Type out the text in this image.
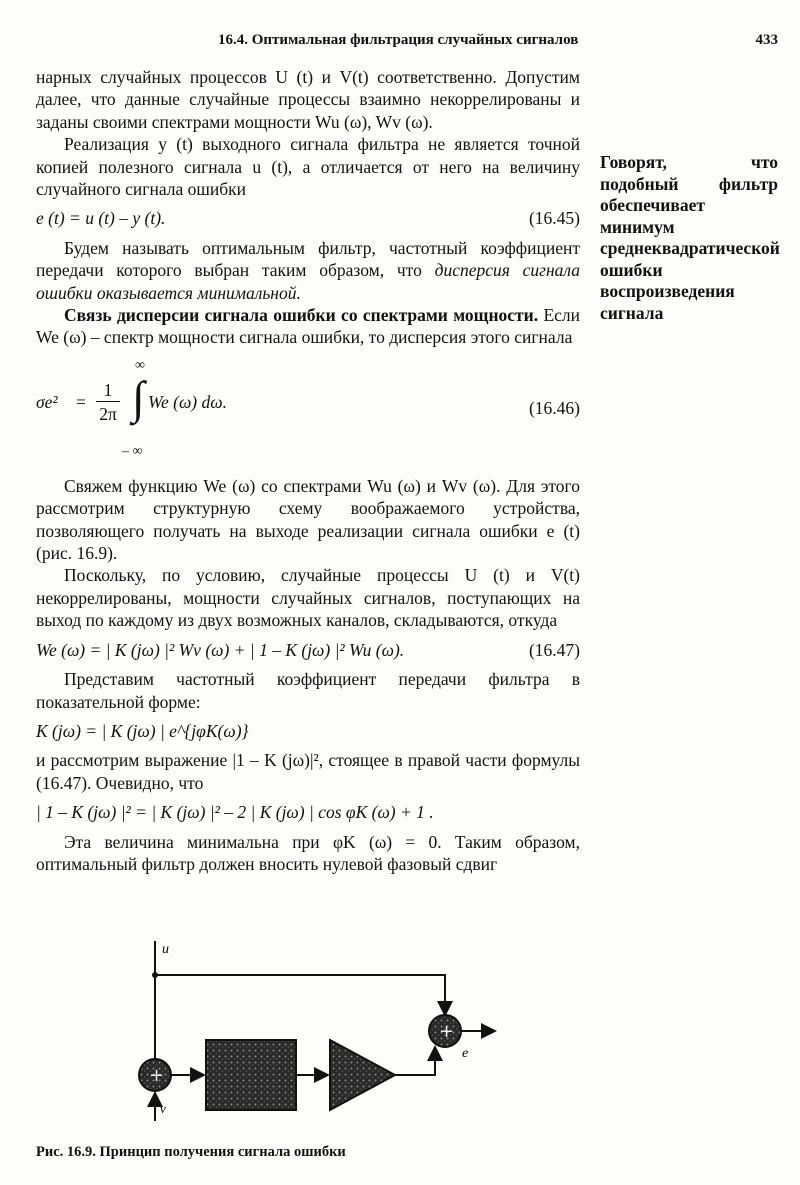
16.4. Оптимальная фильтрация случайных сигналов	433

нарных случайных процессов U (t) и V(t) соответственно. Допустим далее, что данные случайные процессы взаимно некоррелированы и заданы своими спектрами мощности Wu (ω), Wv (ω).

Реализация y (t) выходного сигнала фильтра не является точной копией полезного сигнала u (t), а отличается от него на величину случайного сигнала ошибки

e (t) = u (t) – y (t).	(16.45)

Будем называть оптимальным фильтр, частотный коэффициент передачи которого выбран таким образом, что дисперсия сигнала ошибки оказывается минимальной.

Связь дисперсии сигнала ошибки со спектрами мощности. Если We (ω) – спектр мощности сигнала ошибки, то дисперсия этого сигнала

$\sigma e^2 = \frac{1}{2\pi}$
∞
∫
– ∞
We (ω) dω.	(16.46)

Свяжем функцию We (ω) со спектрами Wu (ω) и Wv (ω). Для этого рассмотрим структурную схему воображаемого устройства, позволяющего получать на выходе реализации сигнала ошибки e (t) (рис. 16.9).

Поскольку, по условию, случайные процессы U (t) и V(t) некоррелированы, мощности случайных сигналов, поступающих на выход по каждому из двух возможных каналов, складываются, откуда

We (ω) = | K (jω) |² Wv (ω) + | 1 – K (jω) |² Wu (ω).	(16.47)

Представим частотный коэффициент передачи фильтра в показательной форме:

K (jω) = | K (jω) | e^{jφK(ω)}

и рассмотрим выражение |1 – K (jω)|², стоящее в правой части формулы (16.47). Очевидно, что

| 1 – K (jω) |² = | K (jω) |² – 2 | K (jω) | cos φK (ω) + 1 .

Эта величина минимальна при φK (ω) = 0. Таким образом, оптимальный фильтр должен вносить нулевой фазовый сдвиг

Говорят, что подобный фильтр обеспечивает минимум среднеквадратической ошибки воспроизведения сигнала
u
+
v
+
e
Рис. 16.9. Принцип получения сигнала ошибки
